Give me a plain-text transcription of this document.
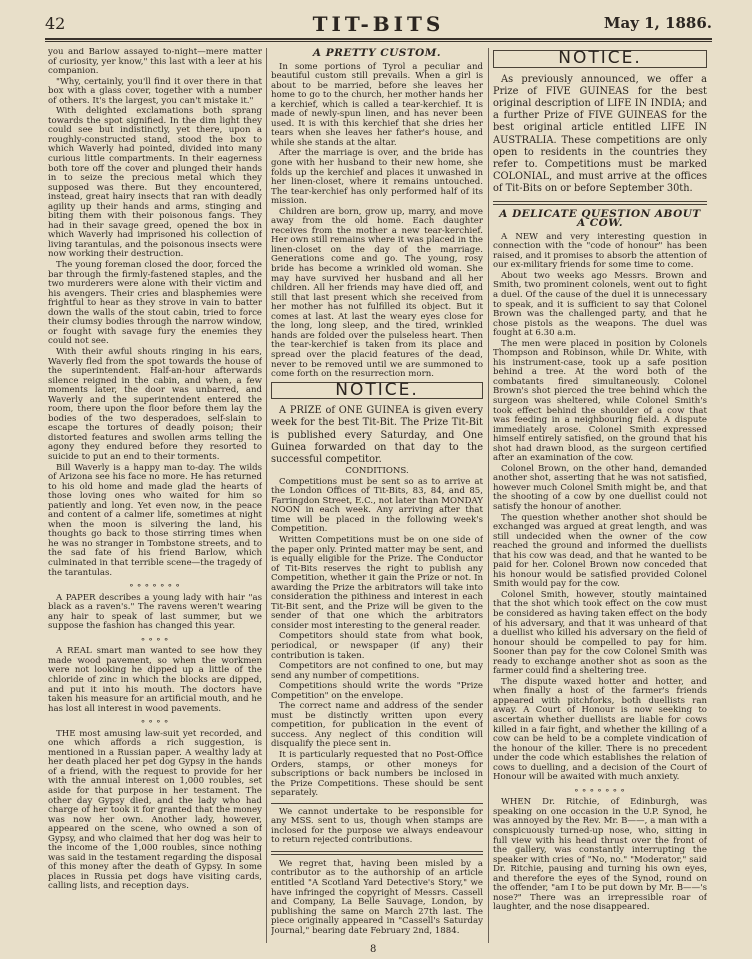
42	TIT-BITS	May 1, 1886.

you and Barlow assayed to-night—mere matter of curiosity, yer know," this last with a leer at his companion.

"Why, certainly, you'll find it over there in that box with a glass cover, together with a number of others. It's the largest, you can't mistake it."

With delighted exclamations both sprang towards the spot signified. In the dim light they could see but indistinctly, yet there, upon a roughly-constructed stand, stood the box to which Waverly had pointed, divided into many curious little compartments. In their eagerness both tore off the cover and plunged their hands in to seize the precious metal which they supposed was there. But they encountered, instead, great hairy insects that ran with deadly agility up their hands and arms, stinging and biting them with their poisonous fangs. They had in their savage greed, opened the box in which Waverly had imprisoned his collection of living tarantulas, and the poisonous insects were now working their destruction.

The young foreman closed the door, forced the bar through the firmly-fastened staples, and the two murderers were alone with their victim and his avengers. Their cries and blasphemies were frightful to hear as they strove in vain to batter down the walls of the stout cabin, tried to force their clumsy bodies through the narrow window, or fought with savage fury the enemies they could not see.

With their awful shouts ringing in his ears, Waverly fled from the spot towards the house of the superintendent. Half-an-hour afterwards silence reigned in the cabin, and when, a few moments later, the door was unbarred, and Waverly and the superintendent entered the room, there upon the floor before them lay the bodies of the two desperadoes, self-slain to escape the tortures of deadly poison; their distorted features and swollen arms telling the agony they endured before they resorted to suicide to put an end to their torments.

Bill Waverly is a happy man to-day. The wilds of Arizona see his face no more. He has returned to his old home and made glad the hearts of those loving ones who waited for him so patiently and long. Yet even now, in the peace and content of a calmer life, sometimes at night when the moon is silvering the land, his thoughts go back to those stirring times when he was no stranger in Tombstone streets, and to the sad fate of his friend Barlow, which culminated in that terrible scene—the tragedy of the tarantulas.

⚬⚬⚬⚬⚬⚬⚬

A PAPER describes a young lady with hair "as black as a raven's." The ravens weren't wearing any hair to speak of last summer, but we suppose the fashion has changed this year.

⚬⚬⚬⚬

A REAL smart man wanted to see how they made wood pavement, so when the workmen were not looking he dipped up a little of the chloride of zinc in which the blocks are dipped, and put it into his mouth. The doctors have taken his measure for an artificial mouth, and he has lost all interest in wood pavements.

⚬⚬⚬⚬

THE most amusing law-suit yet recorded, and one which affords a rich suggestion, is mentioned in a Russian paper. A wealthy lady at her death placed her pet dog Gypsy in the hands of a friend, with the request to provide for her with the annual interest on 1,000 roubles, set aside for that purpose in her testament. The other day Gypsy died, and the lady who had charge of her took it for granted that the money was now her own. Another lady, however, appeared on the scene, who owned a son of Gypsy, and who claimed that her dog was heir to the income of the 1,000 roubles, since nothing was said in the testament regarding the disposal of this money after the death of Gypsy. In some places in Russia pet dogs have visiting cards, calling lists, and reception days.

A PRETTY CUSTOM.

In some portions of Tyrol a peculiar and beautiful custom still prevails. When a girl is about to be married, before she leaves her home to go to the church, her mother hands her a kerchief, which is called a tear-kerchief. It is made of newly-spun linen, and has never been used. It is with this kerchief that she dries her tears when she leaves her father's house, and while she stands at the altar.

After the marriage is over, and the bride has gone with her husband to their new home, she folds up the kerchief and places it unwashed in her linen-closet, where it remains untouched. The tear-kerchief has only performed half of its mission.

Children are born, grow up, marry, and move away from the old home. Each daughter receives from the mother a new tear-kerchief. Her own still remains where it was placed in the linen-closet on the day of the marriage. Generations come and go. The young, rosy bride has become a wrinkled old woman. She may have survived her husband and all her children. All her friends may have died off, and still that last present which she received from her mother has not fulfilled its object. But it comes at last. At last the weary eyes close for the long, long sleep, and the tired, wrinkled hands are folded over the pulseless heart. Then the tear-kerchief is taken from its place and spread over the placid features of the dead, never to be removed until we are summoned to come forth on the resurrection morn.

NOTICE.

A PRIZE of ONE GUINEA is given every week for the best Tit-Bit. The Prize Tit-Bit is published every Saturday, and One Guinea forwarded on that day to the successful competitor.

CONDITIONS.

Competitions must be sent so as to arrive at the London Offices of Tit-Bits, 83, 84, and 85, Farringdon Street, E.C., not later than MONDAY NOON in each week. Any arriving after that time will be placed in the following week's Competition.

Written Competitions must be on one side of the paper only. Printed matter may be sent, and is equally eligible for the Prize. The Conductor of Tit-Bits reserves the right to publish any Competition, whether it gain the Prize or not. In awarding the Prize the arbitrators will take into consideration the pithiness and interest in each Tit-Bit sent, and the Prize will be given to the sender of that one which the arbitrators consider most interesting to the general reader.

Competitors should state from what book, periodical, or newspaper (if any) their contribution is taken.

Competitors are not confined to one, but may send any number of competitions.

Competitions should write the words "Prize Competition" on the envelope.

The correct name and address of the sender must be distinctly written upon every competition, for publication in the event of success. Any neglect of this condition will disqualify the piece sent in.

It is particularly requested that no Post-Office Orders, stamps, or other moneys for subscriptions or back numbers be inclosed in the Prize Competitions. These should be sent separately.

We cannot undertake to be responsible for any MSS. sent to us, though when stamps are inclosed for the purpose we always endeavour to return rejected contributions.

We regret that, having been misled by a contributor as to the authorship of an article entitled "A Scotland Yard Detective's Story," we have infringed the copyright of Messrs. Cassell and Company, La Belle Sauvage, London, by publishing the same on March 27th last. The piece originally appeared in "Cassell's Saturday Journal," bearing date February 2nd, 1884.

NOTICE.

As previously announced, we offer a Prize of FIVE GUINEAS for the best original description of LIFE IN INDIA; and a further Prize of FIVE GUINEAS for the best original article entitled LIFE IN AUSTRALIA. These competitions are only open to residents in the countries they refer to. Competitions must be marked COLONIAL, and must arrive at the offices of Tit-Bits on or before September 30th.

A DELICATE QUESTION ABOUT A COW.

A NEW and very interesting question in connection with the "code of honour" has been raised, and it promises to absorb the attention of our ex-military friends for some time to come.

About two weeks ago Messrs. Brown and Smith, two prominent colonels, went out to fight a duel. Of the cause of the duel it is unnecessary to speak, and it is sufficient to say that Colonel Brown was the challenged party, and that he chose pistols as the weapons. The duel was fought at 6.30 a.m.

The men were placed in position by Colonels Thompson and Robinson, while Dr. White, with his instrument-case, took up a safe position behind a tree. At the word both of the combatants fired simultaneously. Colonel Brown's shot pierced the tree behind which the surgeon was sheltered, while Colonel Smith's took effect behind the shoulder of a cow that was feeding in a neighbouring field. A dispute immediately arose. Colonel Smith expressed himself entirely satisfied, on the ground that his shot had drawn blood, as the surgeon certified after an examination of the cow.

Colonel Brown, on the other hand, demanded another shot, asserting that he was not satisfied, however much Colonel Smith might be, and that the shooting of a cow by one duellist could not satisfy the honour of another.

The question whether another shot should be exchanged was argued at great length, and was still undecided when the owner of the cow reached the ground and informed the duellists that his cow was dead, and that he wanted to be paid for her. Colonel Brown now conceded that his honour would be satisfied provided Colonel Smith would pay for the cow.

Colonel Smith, however, stoutly maintained that the shot which took effect on the cow must be considered as having taken effect on the body of his adversary, and that it was unheard of that a duellist who killed his adversary on the field of honour should be compelled to pay for him. Sooner than pay for the cow Colonel Smith was ready to exchange another shot as soon as the farmer could find a sheltering tree.

The dispute waxed hotter and hotter, and when finally a host of the farmer's friends appeared with pitchforks, both duellists ran away. A Court of Honour is now seeking to ascertain whether duellists are liable for cows killed in a fair fight, and whether the killing of a cow can be held to be a complete vindication of the honour of the killer. There is no precedent under the code which establishes the relation of cows to duelling, and a decision of the Court of Honour will be awaited with much anxiety.

⚬⚬⚬⚬⚬⚬⚬

WHEN Dr. Ritchie, of Edinburgh, was speaking on one occasion in the U.P. Synod, he was annoyed by the Rev. Mr. B——, a man with a conspicuously turned-up nose, who, sitting in full view with his head thrust over the front of the gallery, was constantly interrupting the speaker with cries of "No, no." "Moderator," said Dr. Ritchie, pausing and turning his own eyes, and therefore the eyes of the Synod, round on the offender, "am I to be put down by Mr. B——'s nose?" There was an irrepressible roar of laughter, and the nose disappeared.

8
